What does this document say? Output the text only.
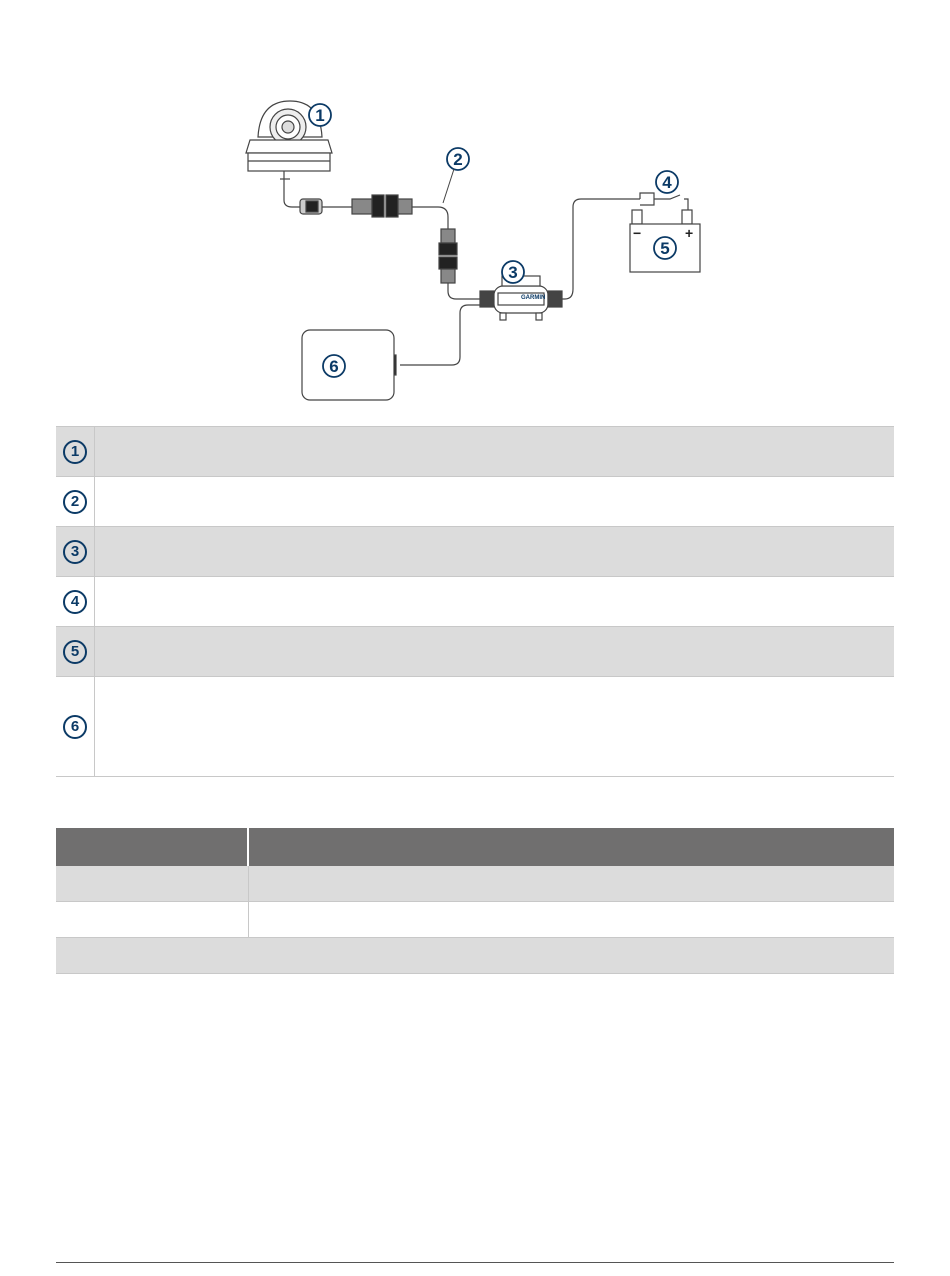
GARMIN
−	+
1
2
3
4
5
6
1	
2	
3	
4	
5	
6	
